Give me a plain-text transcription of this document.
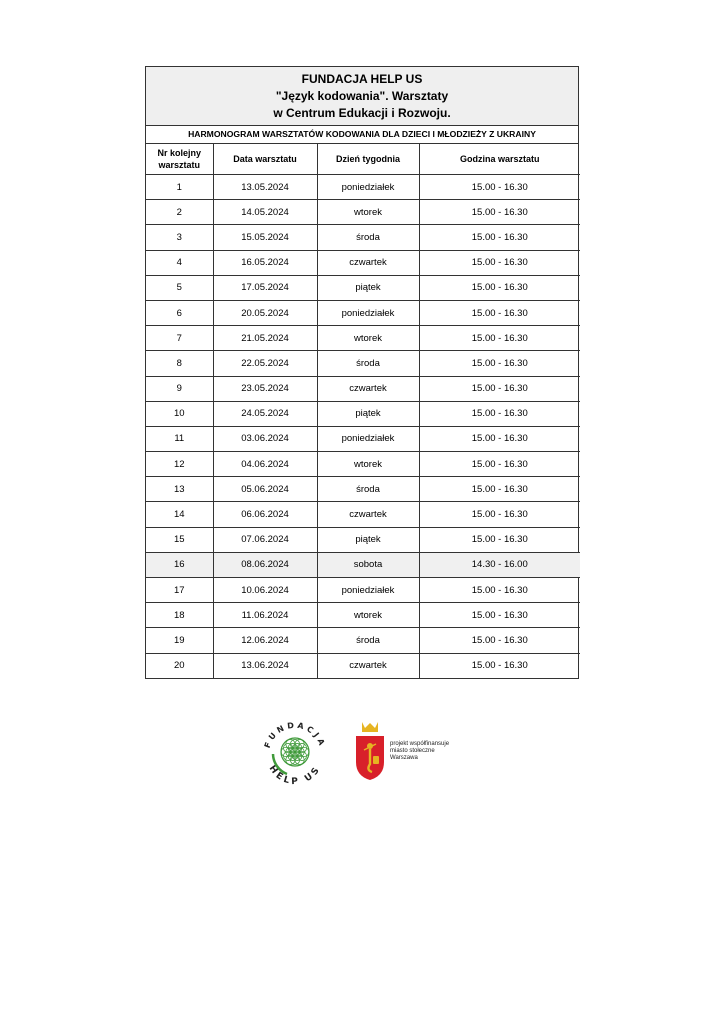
FUNDACJA HELP US
"Język kodowania". Warsztaty
w Centrum Edukacji i Rozwoju.
HARMONOGRAM WARSZTATÓW KODOWANIA DLA DZIECI I MŁODZIEŻY Z UKRAINY
Nr kolejny warsztatu	Data warsztatu	Dzień tygodnia	Godzina warsztatu
1	13.05.2024	poniedziałek	15.00 - 16.30
2	14.05.2024	wtorek	15.00 - 16.30
3	15.05.2024	środa	15.00 - 16.30
4	16.05.2024	czwartek	15.00 - 16.30
5	17.05.2024	piątek	15.00 - 16.30
6	20.05.2024	poniedziałek	15.00 - 16.30
7	21.05.2024	wtorek	15.00 - 16.30
8	22.05.2024	środa	15.00 - 16.30
9	23.05.2024	czwartek	15.00 - 16.30
10	24.05.2024	piątek	15.00 - 16.30
11	03.06.2024	poniedziałek	15.00 - 16.30
12	04.06.2024	wtorek	15.00 - 16.30
13	05.06.2024	środa	15.00 - 16.30
14	06.06.2024	czwartek	15.00 - 16.30
15	07.06.2024	piątek	15.00 - 16.30
16	08.06.2024	sobota	14.30 - 16.00
17	10.06.2024	poniedziałek	15.00 - 16.30
18	11.06.2024	wtorek	15.00 - 16.30
19	12.06.2024	środa	15.00 - 16.30
20	13.06.2024	czwartek	15.00 - 16.30
FUNDACJA
HELP US
projekt współfinansuje
miasto stołeczne
Warszawa
